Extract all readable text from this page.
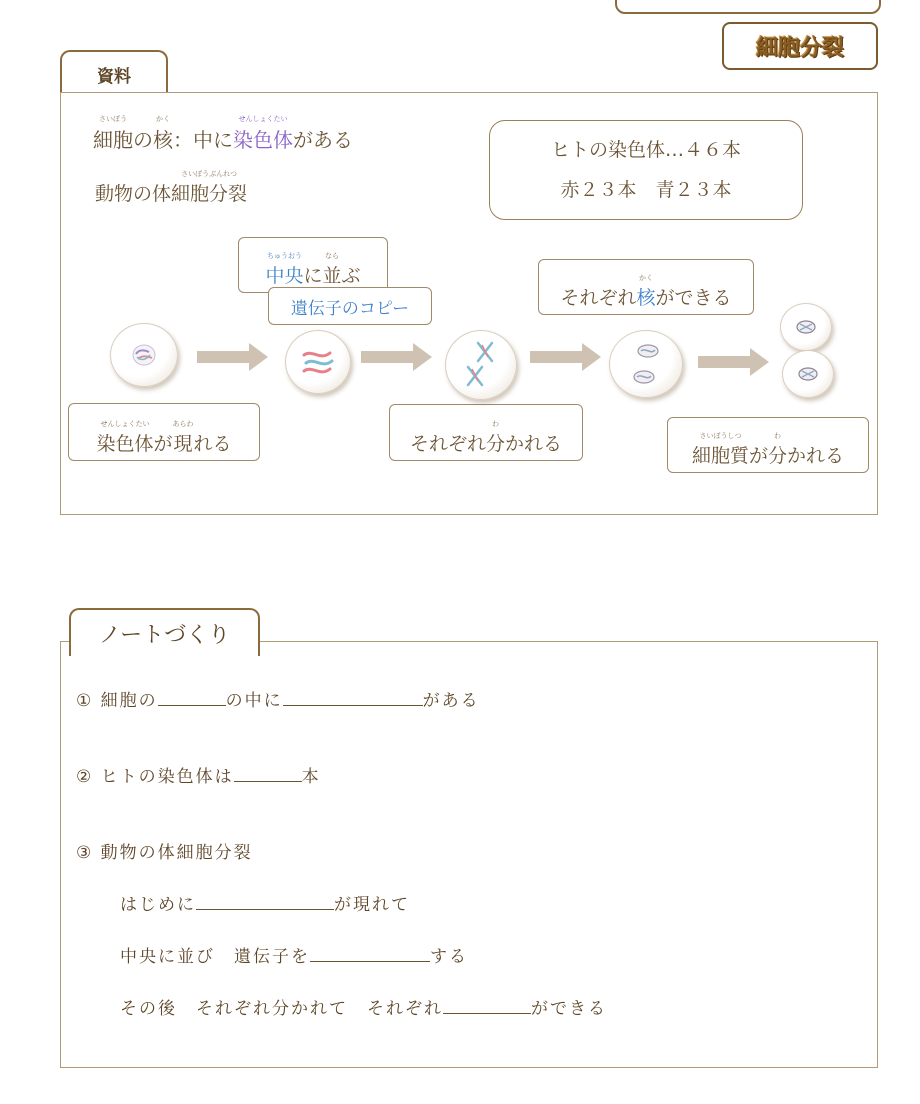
細胞分裂
資料
さいぼう
細胞 の
かく
核 ：中に
せんしょくたい
染色体 がある
動物の体
さいぼうぶんれつ
細胞分裂
ヒトの染色体…４６本
赤２３本　青２３本
ちゅうおう
中央 に
なら
並 ぶ
遺伝子のコピー	それぞれ
かく
核 ができる
せんしょくたい
染色体 が
あらわ
現 れる	それぞれ
わ
分 かれる	さいぼうしつ
細胞質 が
わ
分 かれる
ノートづくり
① 細胞の	の中に	がある
② ヒトの染色体は	本
③ 動物の体細胞分裂
はじめに	が現れて
中央に並び　遺伝子を	する
その後　それぞれ分かれて　それぞれ	ができる
